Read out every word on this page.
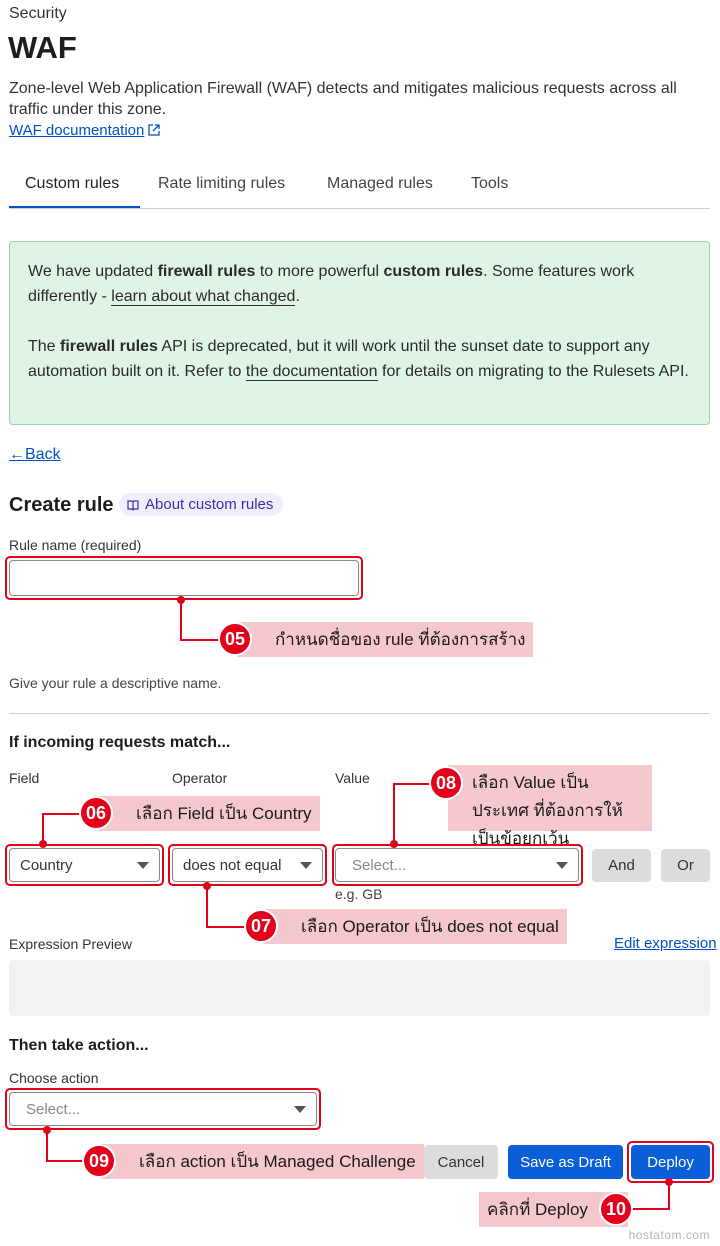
Security
WAF
Zone-level Web Application Firewall (WAF) detects and mitigates malicious requests across all traffic under this zone.
WAF documentation
Custom rules Rate limiting rules	Managed rules Tools

We have updated firewall rules to more powerful custom rules. Some features work differently - learn about what changed.

The firewall rules API is deprecated, but it will work until the sunset date to support any automation built on it. Refer to the documentation for details on migrating to the Rulesets API.

←Back
Create rule	About custom rules
Rule name (required)
Give your rule a descriptive name.
If incoming requests match...
Field	Operator	Value
Country	does not equal	Select...
e.g. GB
And	Or
Expression Preview	Edit expression
Then take action...
Choose action
Select...
Cancel	Save as Draft	Deploy
กำหนดชื่อของ rule ที่ต้องการสร้าง
05
เลือก Field เป็น Country
06
เลือก Operator เป็น does not equal
07
เลือก Value เป็นประเทศ ที่ต้องการให้เป็นข้อยกเว้น
08
เลือก action เป็น Managed Challenge
09
คลิกที่ Deploy	10
hostatom.com
